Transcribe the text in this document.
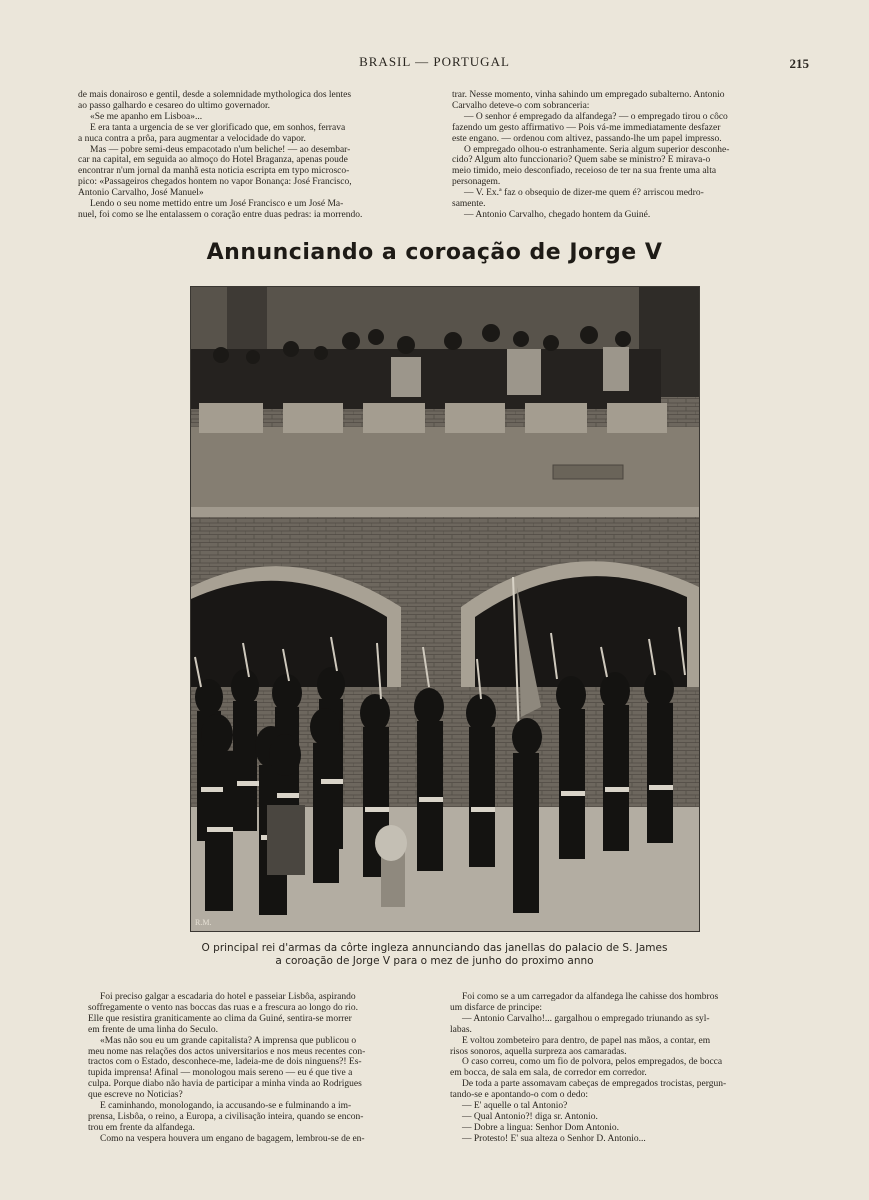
BRASIL — PORTUGAL	215

de mais donairoso e gentil, desde a solemnidade mythologica dos lentes

ao passo galhardo e cesareo do ultimo governador.

«Se me apanho em Lisboa»...

E era tanta a urgencia de se ver glorificado que, em sonhos, ferrava

a nuca contra a prôa, para augmentar a velocidade do vapor.

Mas — pobre semi-deus empacotado n'um beliche! — ao desembar-

car na capital, em seguida ao almoço do Hotel Braganza, apenas poude

encontrar n'um jornal da manhã esta noticia escripta em typo microsco-

pico: «Passageiros chegados hontem no vapor Bonança: José Francisco,

Antonio Carvalho, José Manuel»

Lendo o seu nome mettido entre um José Francisco e um José Ma-

nuel, foi como se lhe entalassem o coração entre duas pedras: ia morrendo.

trar. Nesse momento, vinha sahindo um empregado subalterno. Antonio

Carvalho deteve-o com sobranceria:

— O senhor é empregado da alfandega? — o empregado tirou o côco

fazendo um gesto affirmativo — Pois vá-me immediatamente desfazer

este engano. — ordenou com altivez, passando-lhe um papel impresso.

O empregado olhou-o estranhamente. Seria algum superior desconhe-

cido? Algum alto funccionario? Quem sabe se ministro? E mirava-o

meio timido, meio desconfiado, receioso de ter na sua frente uma alta

personagem.

— V. Ex.ª faz o obsequio de dizer-me quem é? arriscou medro-

samente.

— Antonio Carvalho, chegado hontem da Guiné.

Annunciando a coroação de Jorge V
R.M.
O principal rei d'armas da côrte ingleza annunciando das janellas do palacio de S. James
a coroação de Jorge V para o mez de junho do proximo anno

Foi preciso galgar a escadaria do hotel e passeiar Lisbôa, aspirando

soffregamente o vento nas boccas das ruas e a frescura ao longo do rio.

Elle que resistira graniticamente ao clima da Guiné, sentira-se morrer

em frente de uma linha do Seculo.

«Mas não sou eu um grande capitalista? A imprensa que publicou o

meu nome nas relações dos actos universitarios e nos meus recentes con-

tractos com o Estado, desconhece-me, ladeia-me de dois ninguens?! Es-

tupida imprensa! Afinal — monologou mais sereno — eu é que tive a

culpa. Porque diabo não havia de participar a minha vinda ao Rodrigues

que escreve no Noticias?

E caminhando, monologando, ia accusando-se e fulminando a im-

prensa, Lisbôa, o reino, a Europa, a civilisação inteira, quando se encon-

trou em frente da alfandega.

Como na vespera houvera um engano de bagagem, lembrou-se de en-

Foi como se a um carregador da alfandega lhe cahisse dos hombros

um disfarce de principe:

— Antonio Carvalho!... gargalhou o empregado triunando as syl-

labas.

E voltou zombeteiro para dentro, de papel nas mãos, a contar, em

risos sonoros, aquella surpreza aos camaradas.

O caso correu, como um fio de polvora, pelos empregados, de bocca

em bocca, de sala em sala, de corredor em corredor.

De toda a parte assomavam cabeças de empregados trocistas, pergun-

tando-se e apontando-o com o dedo:

— E' aquelle o tal Antonio?

— Qual Antonio?! diga sr. Antonio.

— Dobre a lingua: Senhor Dom Antonio.

— Protesto! E' sua alteza o Senhor D. Antonio...
